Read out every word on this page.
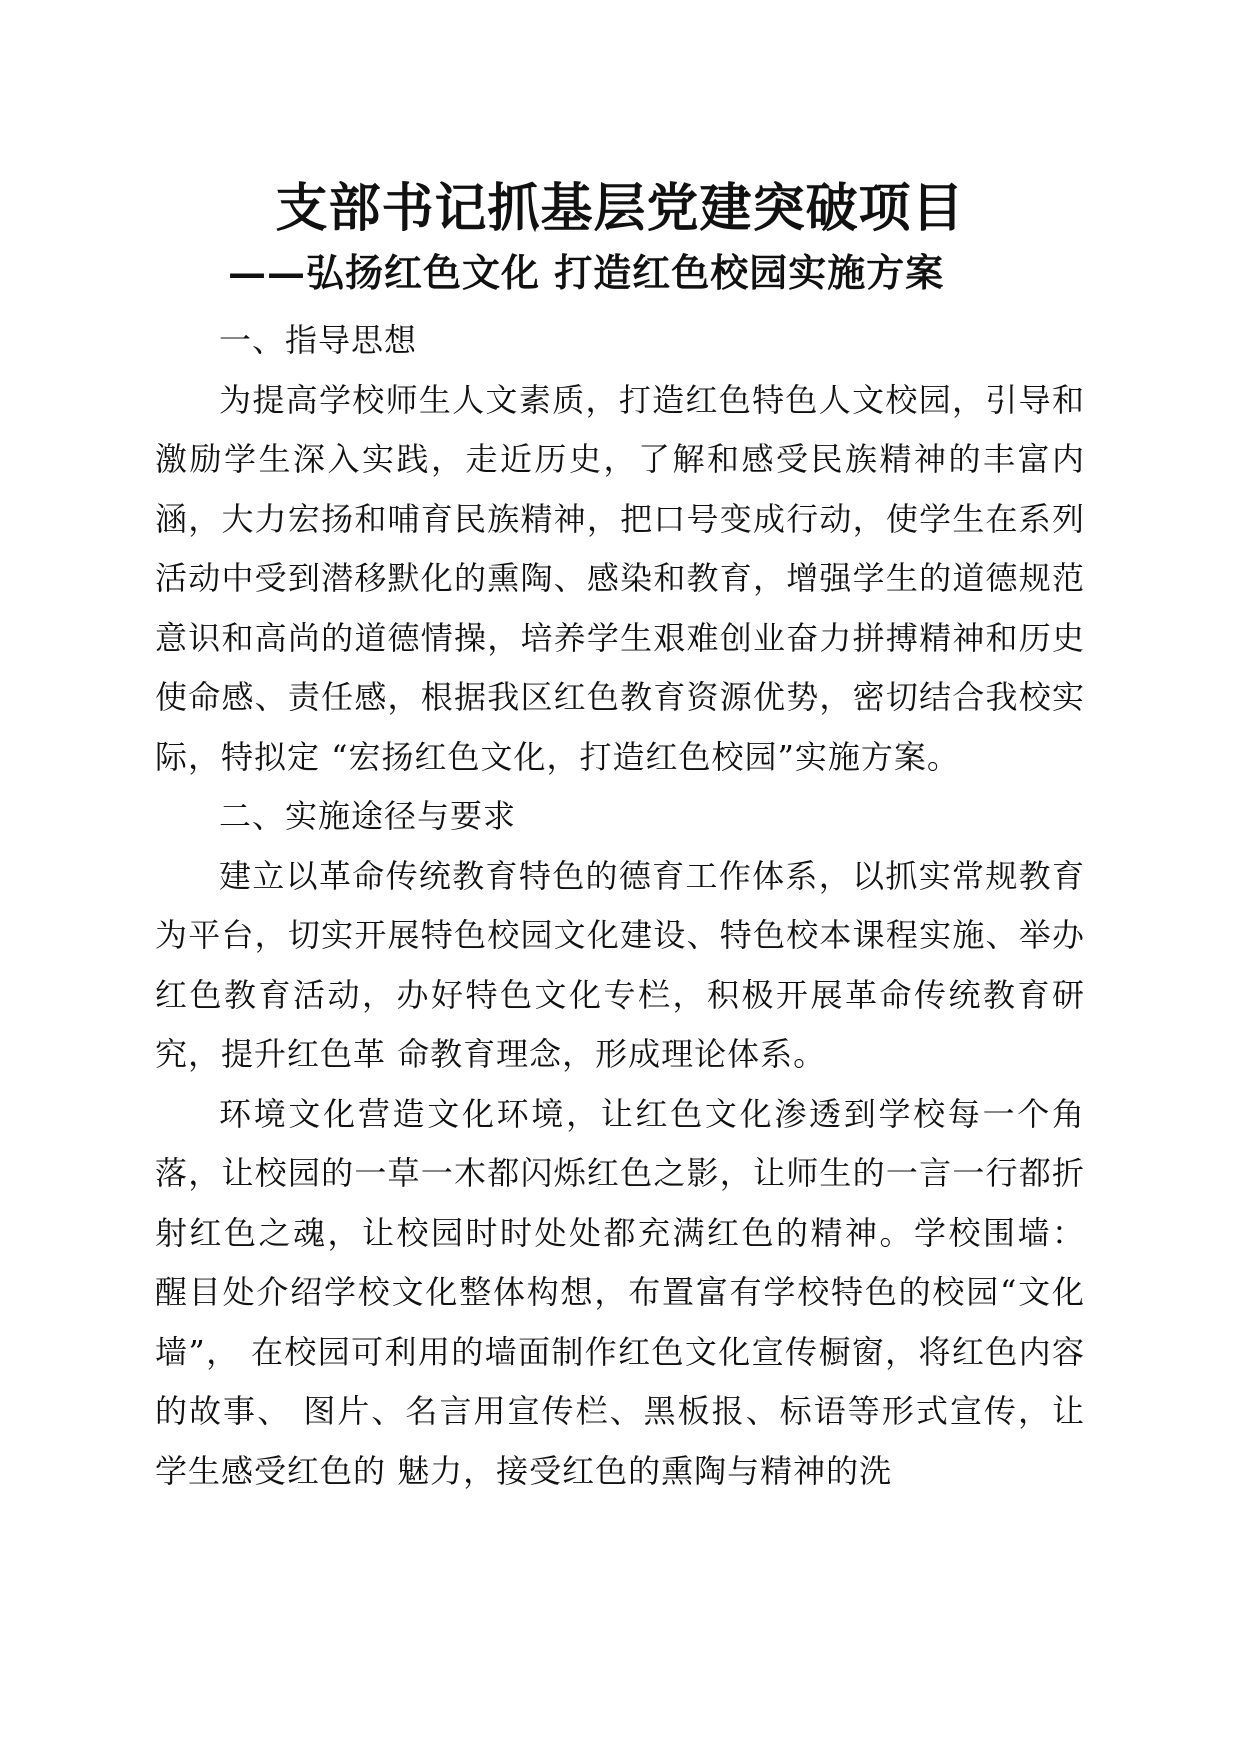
支部书记抓基层党建突破项目
——弘扬红色文化 打造红色校园实施方案

一、指导思想

为提高学校师生人文素质，打造红色特色人文校园，引导和激励学生深入实践，走近历史，了解和感受民族精神的丰富内涵，大力宏扬和哺育民族精神，把口号变成行动，使学生在系列活动中受到潜移默化的熏陶、感染和教育，增强学生的道德规范意识和高尚的道德情操，培养学生艰难创业奋力拼搏精神和历史使命感、责任感，根据我区红色教育资源优势，密切结合我校实际，特拟定 “宏扬红色文化，打造红色校园”实施方案。

二、实施途径与要求

建立以革命传统教育特色的德育工作体系，以抓实常规教育为平台，切实开展特色校园文化建设、特色校本课程实施、举办红色教育活动，办好特色文化专栏，积极开展革命传统教育研究，提升红色革 命教育理念，形成理论体系。

环境文化营造文化环境，让红色文化渗透到学校每一个角落，让校园的一草一木都闪烁红色之影，让师生的一言一行都折射红色之魂，让校园时时处处都充满红色的精神。学校围墙： 醒目处介绍学校文化整体构想，布置富有学校特色的校园“文化墙”， 在校园可利用的墙面制作红色文化宣传橱窗，将红色内容的故事、 图片、名言用宣传栏、黑板报、标语等形式宣传，让学生感受红色的 魅力，接受红色的熏陶与精神的洗
